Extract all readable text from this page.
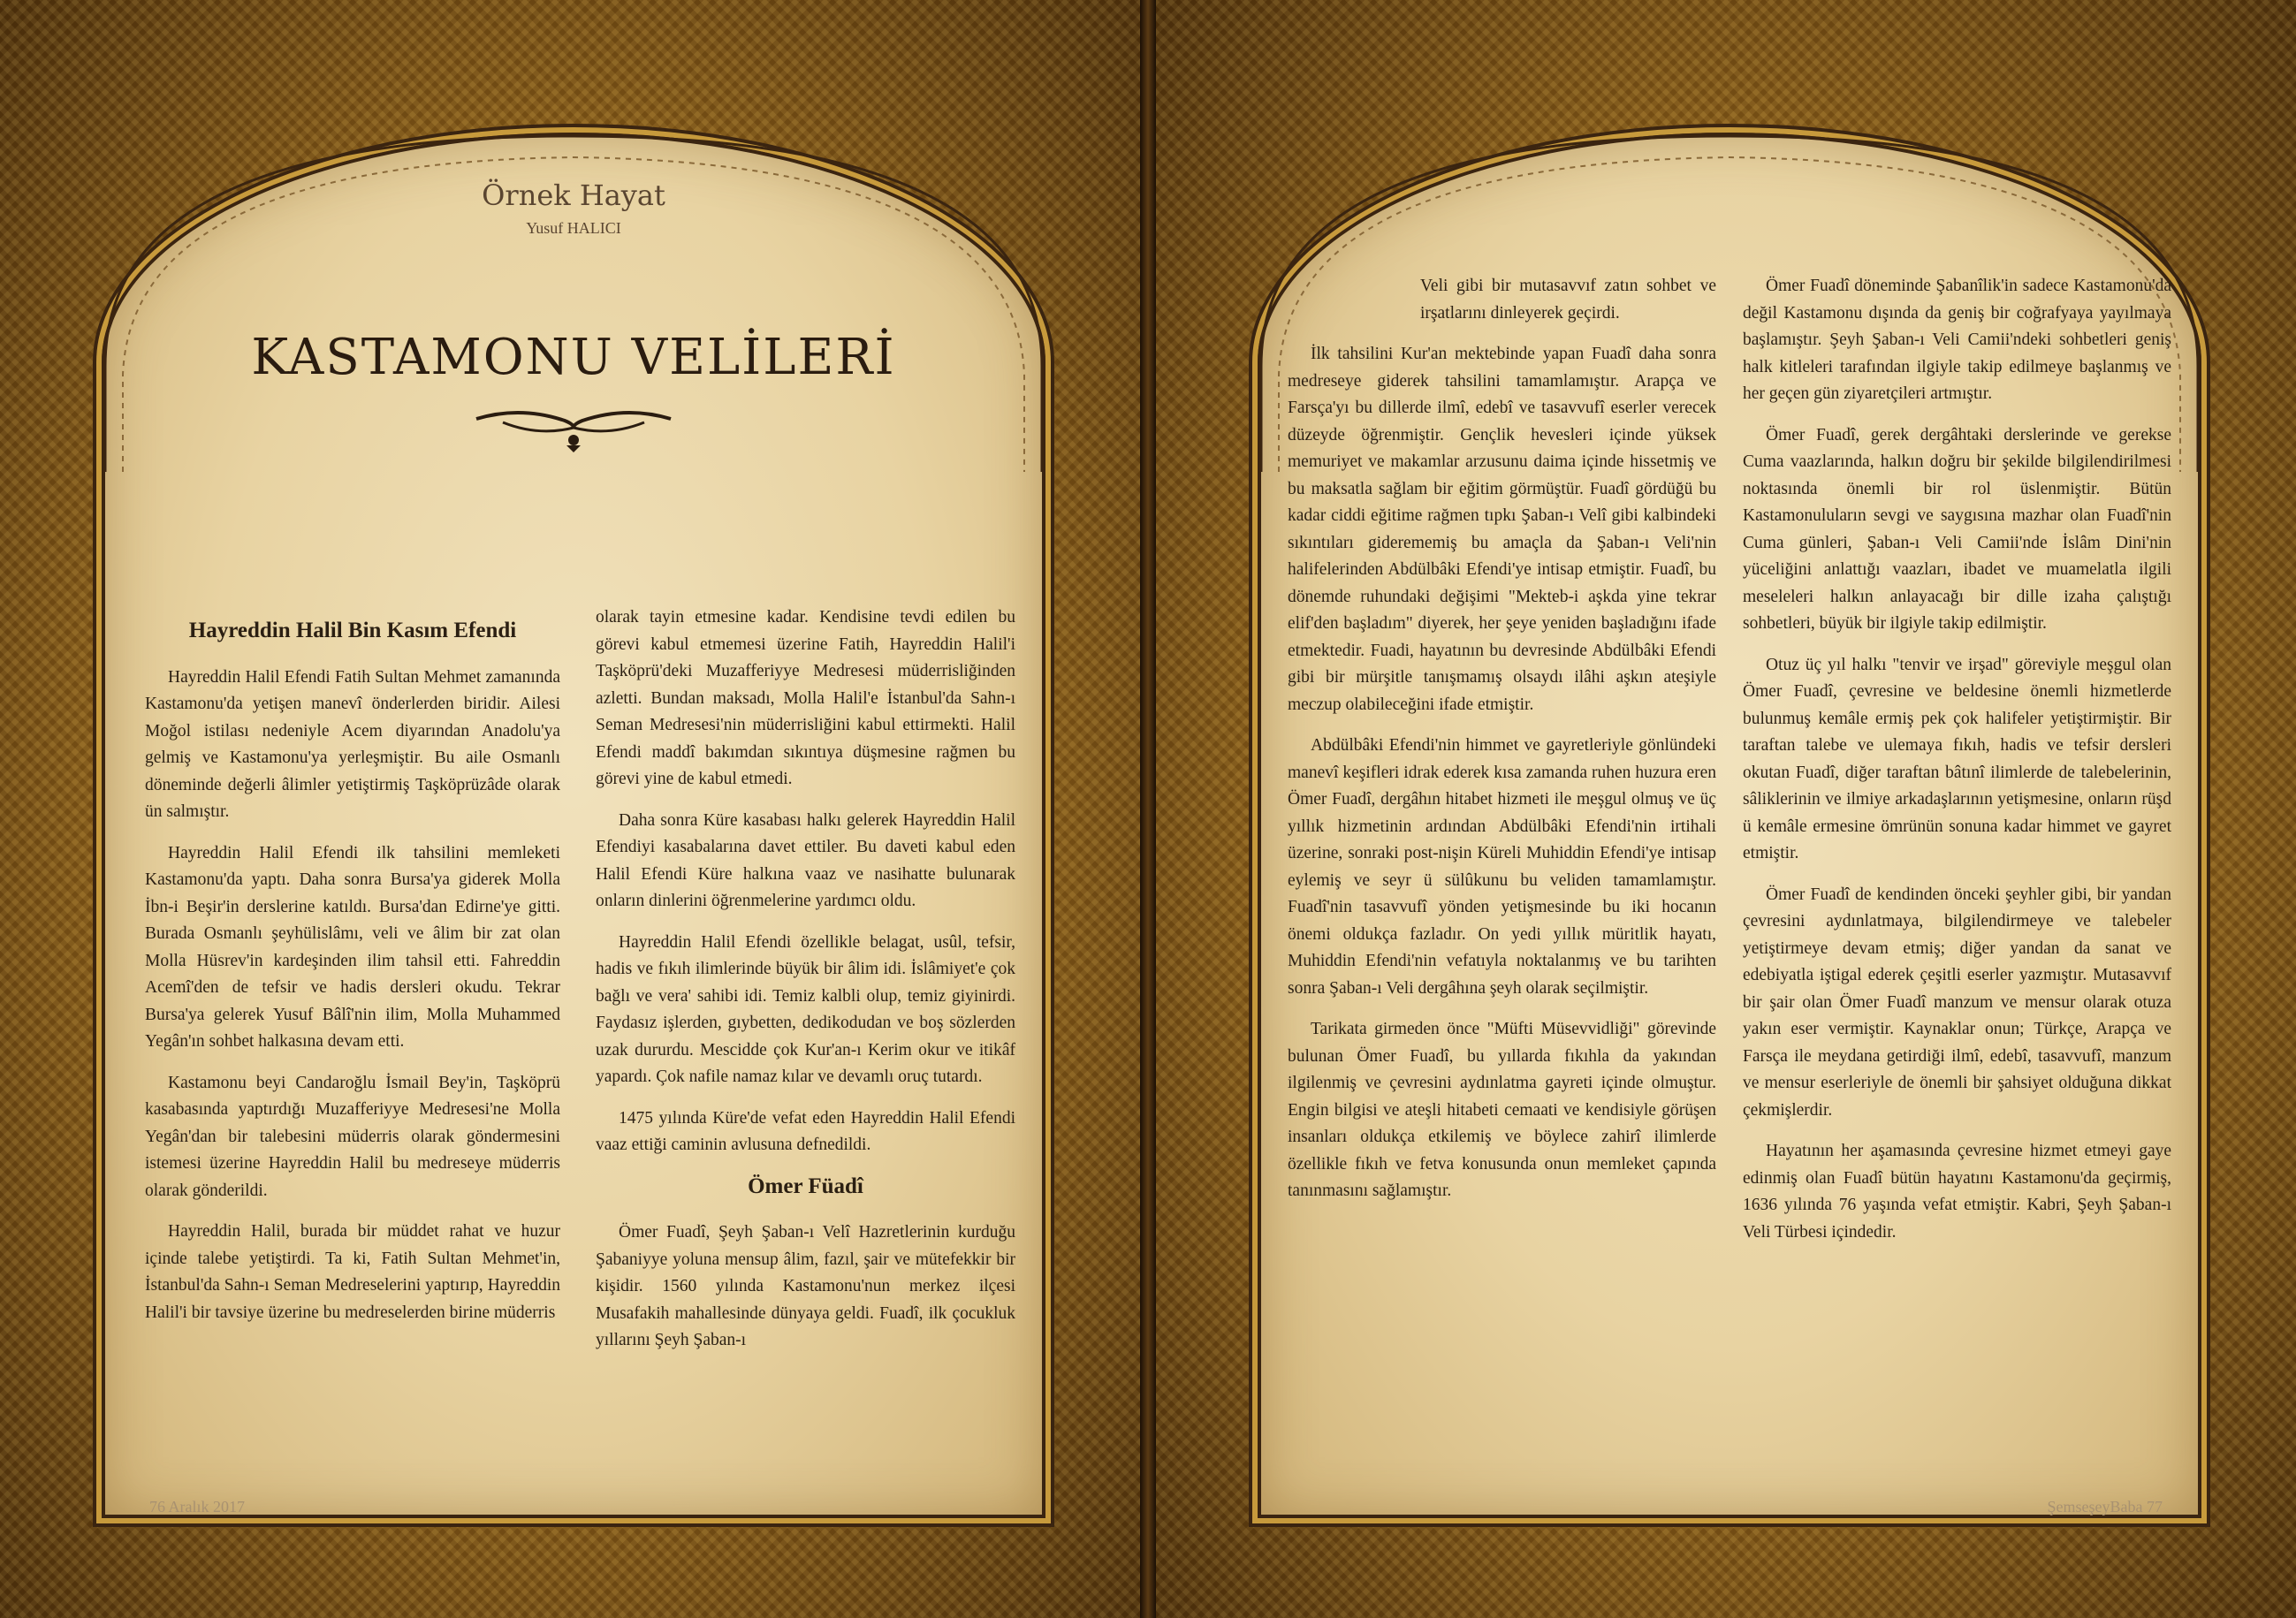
Örnek Hayat
Yusuf HALICI
KASTAMONU VELİLERİ
Hayreddin Halil Bin Kasım Efendi

Hayreddin Halil Efendi Fatih Sultan Mehmet zamanında Kastamonu'da yetişen manevî önderlerden biridir. Ailesi Moğol istilası nedeniyle Acem diyarından Anadolu'ya gelmiş ve Kastamonu'ya yerleşmiştir. Bu aile Osmanlı döneminde değerli âlimler yetiştirmiş Taşköprüzâde olarak ün salmıştır.

Hayreddin Halil Efendi ilk tahsilini memleketi Kastamonu'da yaptı. Daha sonra Bursa'ya giderek Molla İbn-i Beşir'in derslerine katıldı. Bursa'dan Edirne'ye gitti. Burada Osmanlı şeyhülislâmı, veli ve âlim bir zat olan Molla Hüsrev'in kardeşinden ilim tahsil etti. Fahreddin Acemî'den de tefsir ve hadis dersleri okudu. Tekrar Bursa'ya gelerek Yusuf Bâlî'nin ilim, Molla Muhammed Yegân'ın sohbet halkasına devam etti.

Kastamonu beyi Candaroğlu İsmail Bey'in, Taşköprü kasabasında yaptırdığı Muzafferiyye Medresesi'ne Molla Yegân'dan bir talebesini müderris olarak göndermesini istemesi üzerine Hayreddin Halil bu medreseye müderris olarak gönderildi.

Hayreddin Halil, burada bir müddet rahat ve huzur içinde talebe yetiştirdi. Ta ki, Fatih Sultan Mehmet'in, İstanbul'da Sahn-ı Seman Medreselerini yaptırıp, Hayreddin Halil'i bir tavsiye üzerine bu medreselerden birine müderris

olarak tayin etmesine kadar. Kendisine tevdi edilen bu görevi kabul etmemesi üzerine Fatih, Hayreddin Halil'i Taşköprü'deki Muzafferiyye Medresesi müderrisliğinden azletti. Bundan maksadı, Molla Halil'e İstanbul'da Sahn-ı Seman Medresesi'nin müderrisliğini kabul ettirmekti. Halil Efendi maddî bakımdan sıkıntıya düşmesine rağmen bu görevi yine de kabul etmedi.

Daha sonra Küre kasabası halkı gelerek Hayreddin Halil Efendiyi kasabalarına davet ettiler. Bu daveti kabul eden Halil Efendi Küre halkına vaaz ve nasihatte bulunarak onların dinlerini öğrenmelerine yardımcı oldu.

Hayreddin Halil Efendi özellikle belagat, usûl, tefsir, hadis ve fıkıh ilimlerinde büyük bir âlim idi. İslâmiyet'e çok bağlı ve vera' sahibi idi. Temiz kalbli olup, temiz giyinirdi. Faydasız işlerden, gıybetten, dedikodudan ve boş sözlerden uzak dururdu. Mescidde çok Kur'an-ı Kerim okur ve itikâf yapardı. Çok nafile namaz kılar ve devamlı oruç tutardı.

1475 yılında Küre'de vefat eden Hayreddin Halil Efendi vaaz ettiği caminin avlusuna defnedildi.

Ömer Füadî

Ömer Fuadî, Şeyh Şaban-ı Velî Hazretlerinin kurduğu Şabaniyye yoluna mensup âlim, fazıl, şair ve mütefekkir bir kişidir. 1560 yılında Kastamonu'nun merkez ilçesi Musafakih mahallesinde dünyaya geldi. Fuadî, ilk çocukluk yıllarını Şeyh Şaban-ı

76 Aralık 2017

Veli gibi bir mutasavvıf zatın sohbet ve irşatlarını dinleyerek geçirdi.

İlk tahsilini Kur'an mektebinde yapan Fuadî daha sonra medreseye giderek tahsilini tamamlamıştır. Arapça ve Farsça'yı bu dillerde ilmî, edebî ve tasavvufî eserler verecek düzeyde öğrenmiştir. Gençlik hevesleri içinde yüksek memuriyet ve makamlar arzusunu daima içinde hissetmiş ve bu maksatla sağlam bir eğitim görmüştür. Fuadî gördüğü bu kadar ciddi eğitime rağmen tıpkı Şaban-ı Velî gibi kalbindeki sıkıntıları giderememiş bu amaçla da Şaban-ı Veli'nin halifelerinden Abdülbâki Efendi'ye intisap etmiştir. Fuadî, bu dönemde ruhundaki değişimi "Mekteb-i aşkda yine tekrar elif'den başladım" diyerek, her şeye yeniden başladığını ifade etmektedir. Fuadi, hayatının bu devresinde Abdülbâki Efendi gibi bir mürşitle tanışmamış olsaydı ilâhi aşkın ateşiyle meczup olabileceğini ifade etmiştir.

Abdülbâki Efendi'nin himmet ve gayretleriyle gönlündeki manevî keşifleri idrak ederek kısa zamanda ruhen huzura eren Ömer Fuadî, dergâhın hitabet hizmeti ile meşgul olmuş ve üç yıllık hizmetinin ardından Abdülbâki Efendi'nin irtihali üzerine, sonraki post-nişin Küreli Muhiddin Efendi'ye intisap eylemiş ve seyr ü sülûkunu bu veliden tamamlamıştır. Fuadî'nin tasavvufî yönden yetişmesinde bu iki hocanın önemi oldukça fazladır. On yedi yıllık müritlik hayatı, Muhiddin Efendi'nin vefatıyla noktalanmış ve bu tarihten sonra Şaban-ı Veli dergâhına şeyh olarak seçilmiştir.

Tarikata girmeden önce "Müfti Müsevvidliği" görevinde bulunan Ömer Fuadî, bu yıllarda fıkıhla da yakından ilgilenmiş ve çevresini aydınlatma gayreti içinde olmuştur. Engin bilgisi ve ateşli hitabeti cemaati ve kendisiyle görüşen insanları oldukça etkilemiş ve böylece zahirî ilimlerde özellikle fıkıh ve fetva konusunda onun memleket çapında tanınmasını sağlamıştır.

Ömer Fuadî döneminde Şabanîlik'in sadece Kastamonu'da değil Kastamonu dışında da geniş bir coğrafyaya yayılmaya başlamıştır. Şeyh Şaban-ı Veli Camii'ndeki sohbetleri geniş halk kitleleri tarafından ilgiyle takip edilmeye başlanmış ve her geçen gün ziyaretçileri artmıştır.

Ömer Fuadî, gerek dergâhtaki derslerinde ve gerekse Cuma vaazlarında, halkın doğru bir şekilde bilgilendirilmesi noktasında önemli bir rol üslenmiştir. Bütün Kastamonuluların sevgi ve saygısına mazhar olan Fuadî'nin Cuma günleri, Şaban-ı Veli Camii'nde İslâm Dini'nin yüceliğini anlattığı vaazları, ibadet ve muamelatla ilgili meseleleri halkın anlayacağı bir dille izaha çalıştığı sohbetleri, büyük bir ilgiyle takip edilmiştir.

Otuz üç yıl halkı "tenvir ve irşad" göreviyle meşgul olan Ömer Fuadî, çevresine ve beldesine önemli hizmetlerde bulunmuş kemâle ermiş pek çok halifeler yetiştirmiştir. Bir taraftan talebe ve ulemaya fıkıh, hadis ve tefsir dersleri okutan Fuadî, diğer taraftan bâtınî ilimlerde de talebelerinin, sâliklerinin ve ilmiye arkadaşlarının yetişmesine, onların rüşd ü kemâle ermesine ömrünün sonuna kadar himmet ve gayret etmiştir.

Ömer Fuadî de kendinden önceki şeyhler gibi, bir yandan çevresini aydınlatmaya, bilgilendirmeye ve talebeler yetiştirmeye devam etmiş; diğer yandan da sanat ve edebiyatla iştigal ederek çeşitli eserler yazmıştır. Mutasavvıf bir şair olan Ömer Fuadî manzum ve mensur olarak otuza yakın eser vermiştir. Kaynaklar onun; Türkçe, Arapça ve Farsça ile meydana getirdiği ilmî, edebî, tasavvufî, manzum ve mensur eserleriyle de önemli bir şahsiyet olduğuna dikkat çekmişlerdir.

Hayatının her aşamasında çevresine hizmet etmeyi gaye edinmiş olan Fuadî bütün hayatını Kastamonu'da geçirmiş, 1636 yılında 76 yaşında vefat etmiştir. Kabri, Şeyh Şaban-ı Veli Türbesi içindedir.

ŞemseşeyBaba 77
